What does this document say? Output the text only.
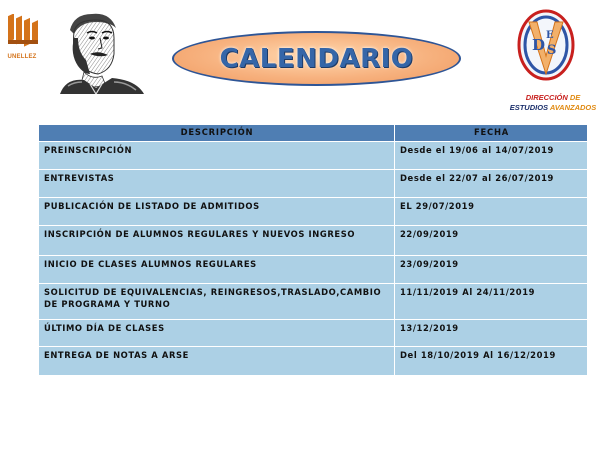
UNELLEZ	CALENDARIO	D
E
S
DIRECCIÓN DE
ESTUDIOS AVANZADOS
DESCRIPCIÓN	FECHA
PREINSCRIPCIÓN	Desde el 19/06 al 14/07/2019
ENTREVISTAS	Desde el 22/07 al 26/07/2019
PUBLICACIÓN DE LISTADO DE ADMITIDOS	EL 29/07/2019
INSCRIPCIÓN DE ALUMNOS REGULARES Y NUEVOS INGRESO	22/09/2019
INICIO DE CLASES ALUMNOS REGULARES	23/09/2019
SOLICITUD DE EQUIVALENCIAS, REINGRESOS,TRASLADO,CAMBIO DE PROGRAMA Y TURNO	11/11/2019 Al 24/11/2019
ÚLTIMO DÍA DE CLASES	13/12/2019
ENTREGA DE NOTAS A ARSE	Del 18/10/2019 Al 16/12/2019
